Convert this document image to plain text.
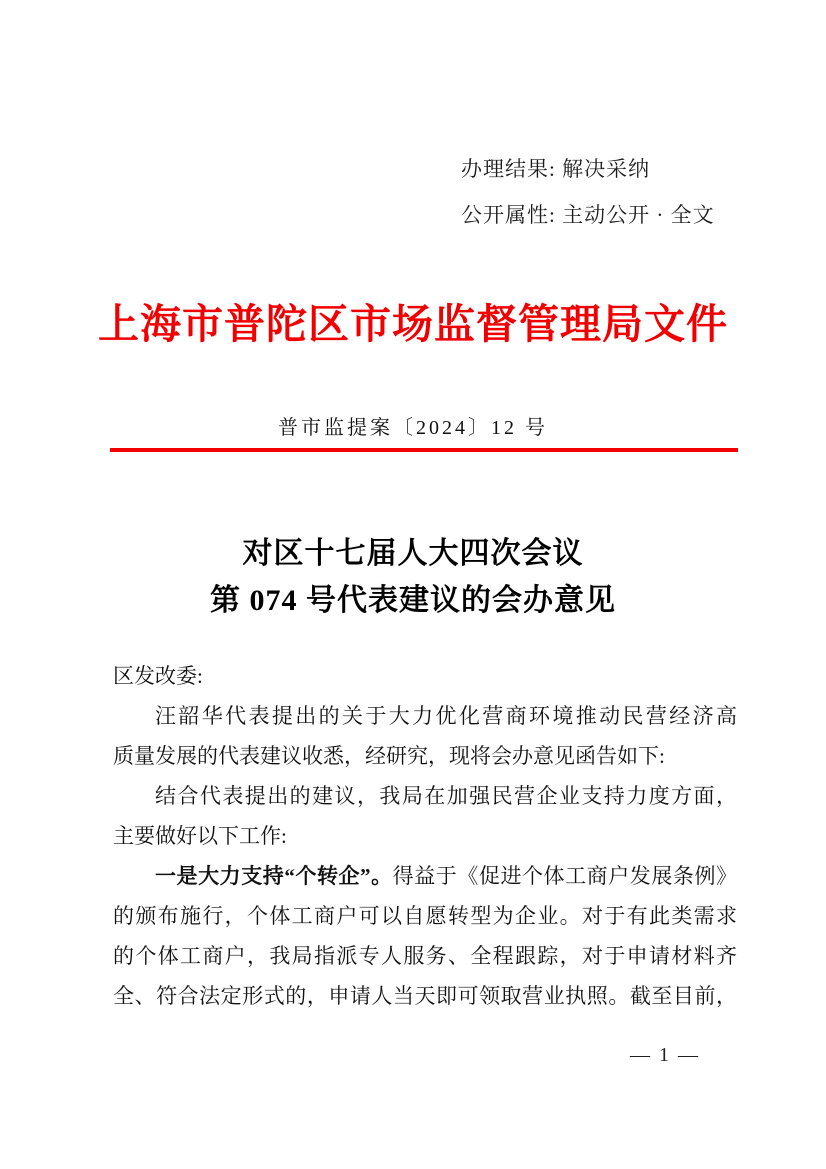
办理结果: 解决采纳
公开属性: 主动公开 · 全文
上海市普陀区市场监督管理局文件
普市监提案〔2024〕12 号
对区十七届人大四次会议
第 074 号代表建议的会办意见
区发改委:
汪韶华代表提出的关于大力优化营商环境推动民营经济高
质量发展的代表建议收悉，经研究，现将会办意见函告如下:
结合代表提出的建议，我局在加强民营企业支持力度方面，
主要做好以下工作:
一是大力支持“个转企”。得益于《促进个体工商户发展条例》
的颁布施行，个体工商户可以自愿转型为企业。对于有此类需求
的个体工商户，我局指派专人服务、全程跟踪，对于申请材料齐
全、符合法定形式的，申请人当天即可领取营业执照。截至目前，
— 1 —
